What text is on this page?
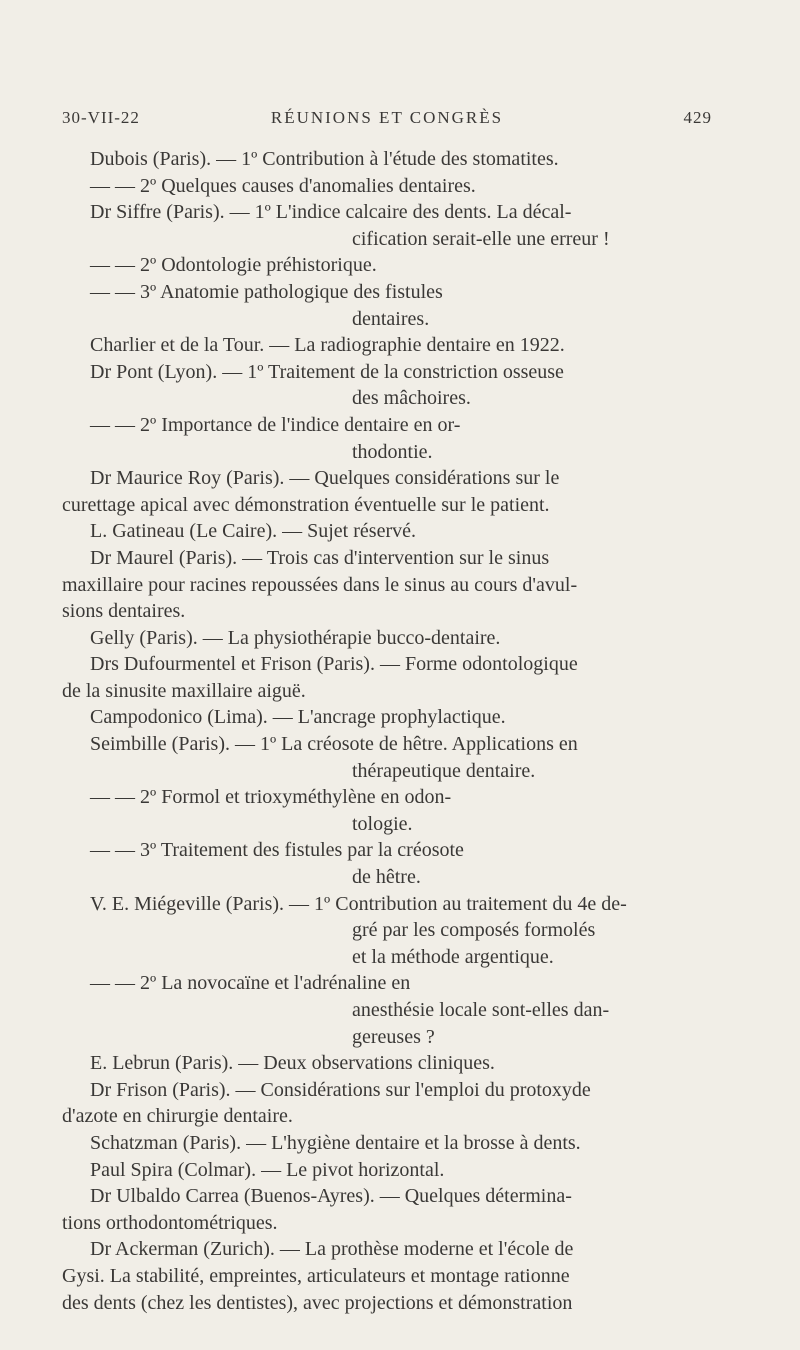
30-VII-22	RÉUNIONS ET CONGRÈS	429
Dubois (Paris). — 1º Contribution à l'étude des stomatites.
— — 2º Quelques causes d'anomalies dentaires.
Dr Siffre (Paris). — 1º L'indice calcaire des dents. La décal-
cification serait-elle une erreur !
— — 2º Odontologie préhistorique.
— — 3º Anatomie pathologique des fistules
dentaires.
Charlier et de la Tour. — La radiographie dentaire en 1922.
Dr Pont (Lyon). — 1º Traitement de la constriction osseuse
des mâchoires.
— — 2º Importance de l'indice dentaire en or-
thodontie.
Dr Maurice Roy (Paris). — Quelques considérations sur le
curettage apical avec démonstration éventuelle sur le patient.
L. Gatineau (Le Caire). — Sujet réservé.
Dr Maurel (Paris). — Trois cas d'intervention sur le sinus
maxillaire pour racines repoussées dans le sinus au cours d'avul-
sions dentaires.
Gelly (Paris). — La physiothérapie bucco-dentaire.
Drs Dufourmentel et Frison (Paris). — Forme odontologique
de la sinusite maxillaire aiguë.
Campodonico (Lima). — L'ancrage prophylactique.
Seimbille (Paris). — 1º La créosote de hêtre. Applications en
thérapeutique dentaire.
— — 2º Formol et trioxyméthylène en odon-
tologie.
— — 3º Traitement des fistules par la créosote
de hêtre.
V. E. Miégeville (Paris). — 1º Contribution au traitement du 4e de-
gré par les composés formolés
et la méthode argentique.
— — 2º La novocaïne et l'adrénaline en
anesthésie locale sont-elles dan-
gereuses ?
E. Lebrun (Paris). — Deux observations cliniques.
Dr Frison (Paris). — Considérations sur l'emploi du protoxyde
d'azote en chirurgie dentaire.
Schatzman (Paris). — L'hygiène dentaire et la brosse à dents.
Paul Spira (Colmar). — Le pivot horizontal.
Dr Ulbaldo Carrea (Buenos-Ayres). — Quelques détermina-
tions orthodontométriques.
Dr Ackerman (Zurich). — La prothèse moderne et l'école de
Gysi. La stabilité, empreintes, articulateurs et montage rationne
des dents (chez les dentistes), avec projections et démonstration
